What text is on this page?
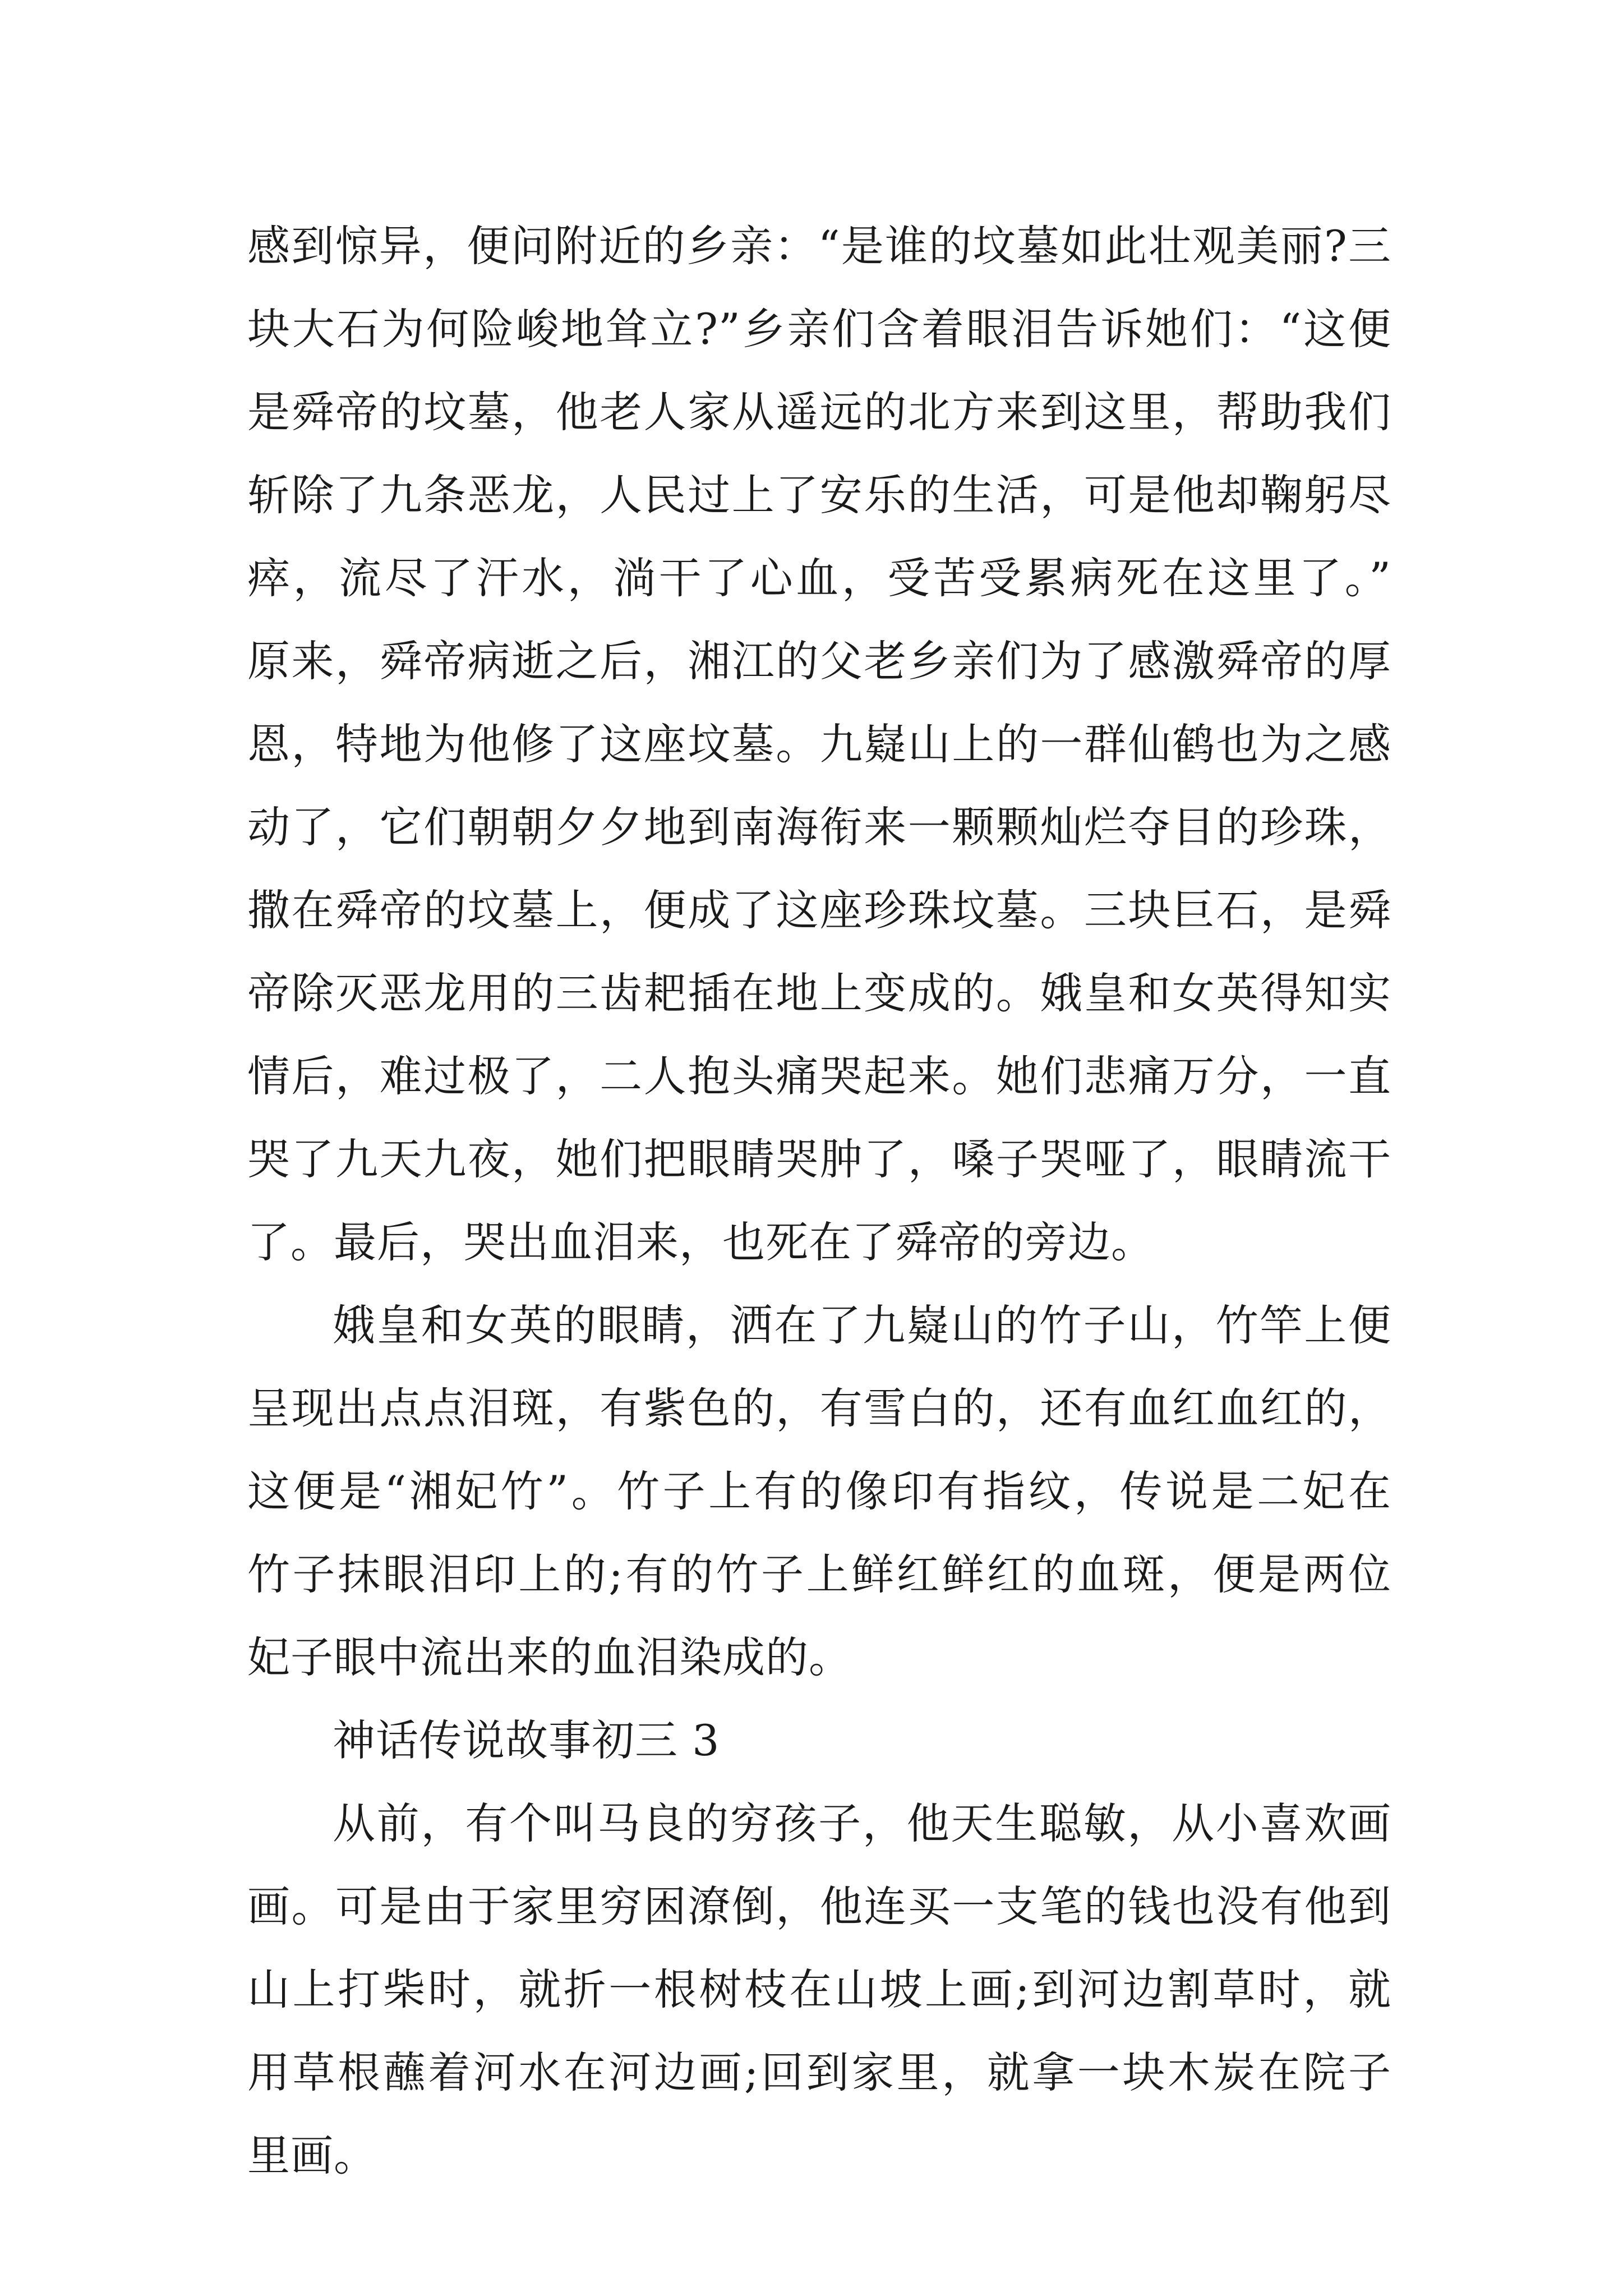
感到惊异，便问附近的乡亲：“是谁的坟墓如此壮观美丽?三
块大石为何险峻地耸立?”乡亲们含着眼泪告诉她们：“这便
是舜帝的坟墓，他老人家从遥远的北方来到这里，帮助我们
斩除了九条恶龙，人民过上了安乐的生活，可是他却鞠躬尽
瘁，流尽了汗水，淌干了心血，受苦受累病死在这里了。”
原来，舜帝病逝之后，湘江的父老乡亲们为了感激舜帝的厚
恩，特地为他修了这座坟墓。九嶷山上的一群仙鹤也为之感
动了，它们朝朝夕夕地到南海衔来一颗颗灿烂夺目的珍珠，
撒在舜帝的坟墓上，便成了这座珍珠坟墓。三块巨石，是舜
帝除灭恶龙用的三齿耙插在地上变成的。娥皇和女英得知实
情后，难过极了，二人抱头痛哭起来。她们悲痛万分，一直
哭了九天九夜，她们把眼睛哭肿了，嗓子哭哑了，眼睛流干
了。最后，哭出血泪来，也死在了舜帝的旁边。
娥皇和女英的眼睛，洒在了九嶷山的竹子山，竹竿上便
呈现出点点泪斑，有紫色的，有雪白的，还有血红血红的，
这便是“湘妃竹”。竹子上有的像印有指纹，传说是二妃在
竹子抹眼泪印上的;有的竹子上鲜红鲜红的血斑，便是两位
妃子眼中流出来的血泪染成的。
神话传说故事初三 3
从前，有个叫马良的穷孩子，他天生聪敏，从小喜欢画
画。可是由于家里穷困潦倒，他连买一支笔的钱也没有他到
山上打柴时，就折一根树枝在山坡上画;到河边割草时，就
用草根蘸着河水在河边画;回到家里，就拿一块木炭在院子
里画。
